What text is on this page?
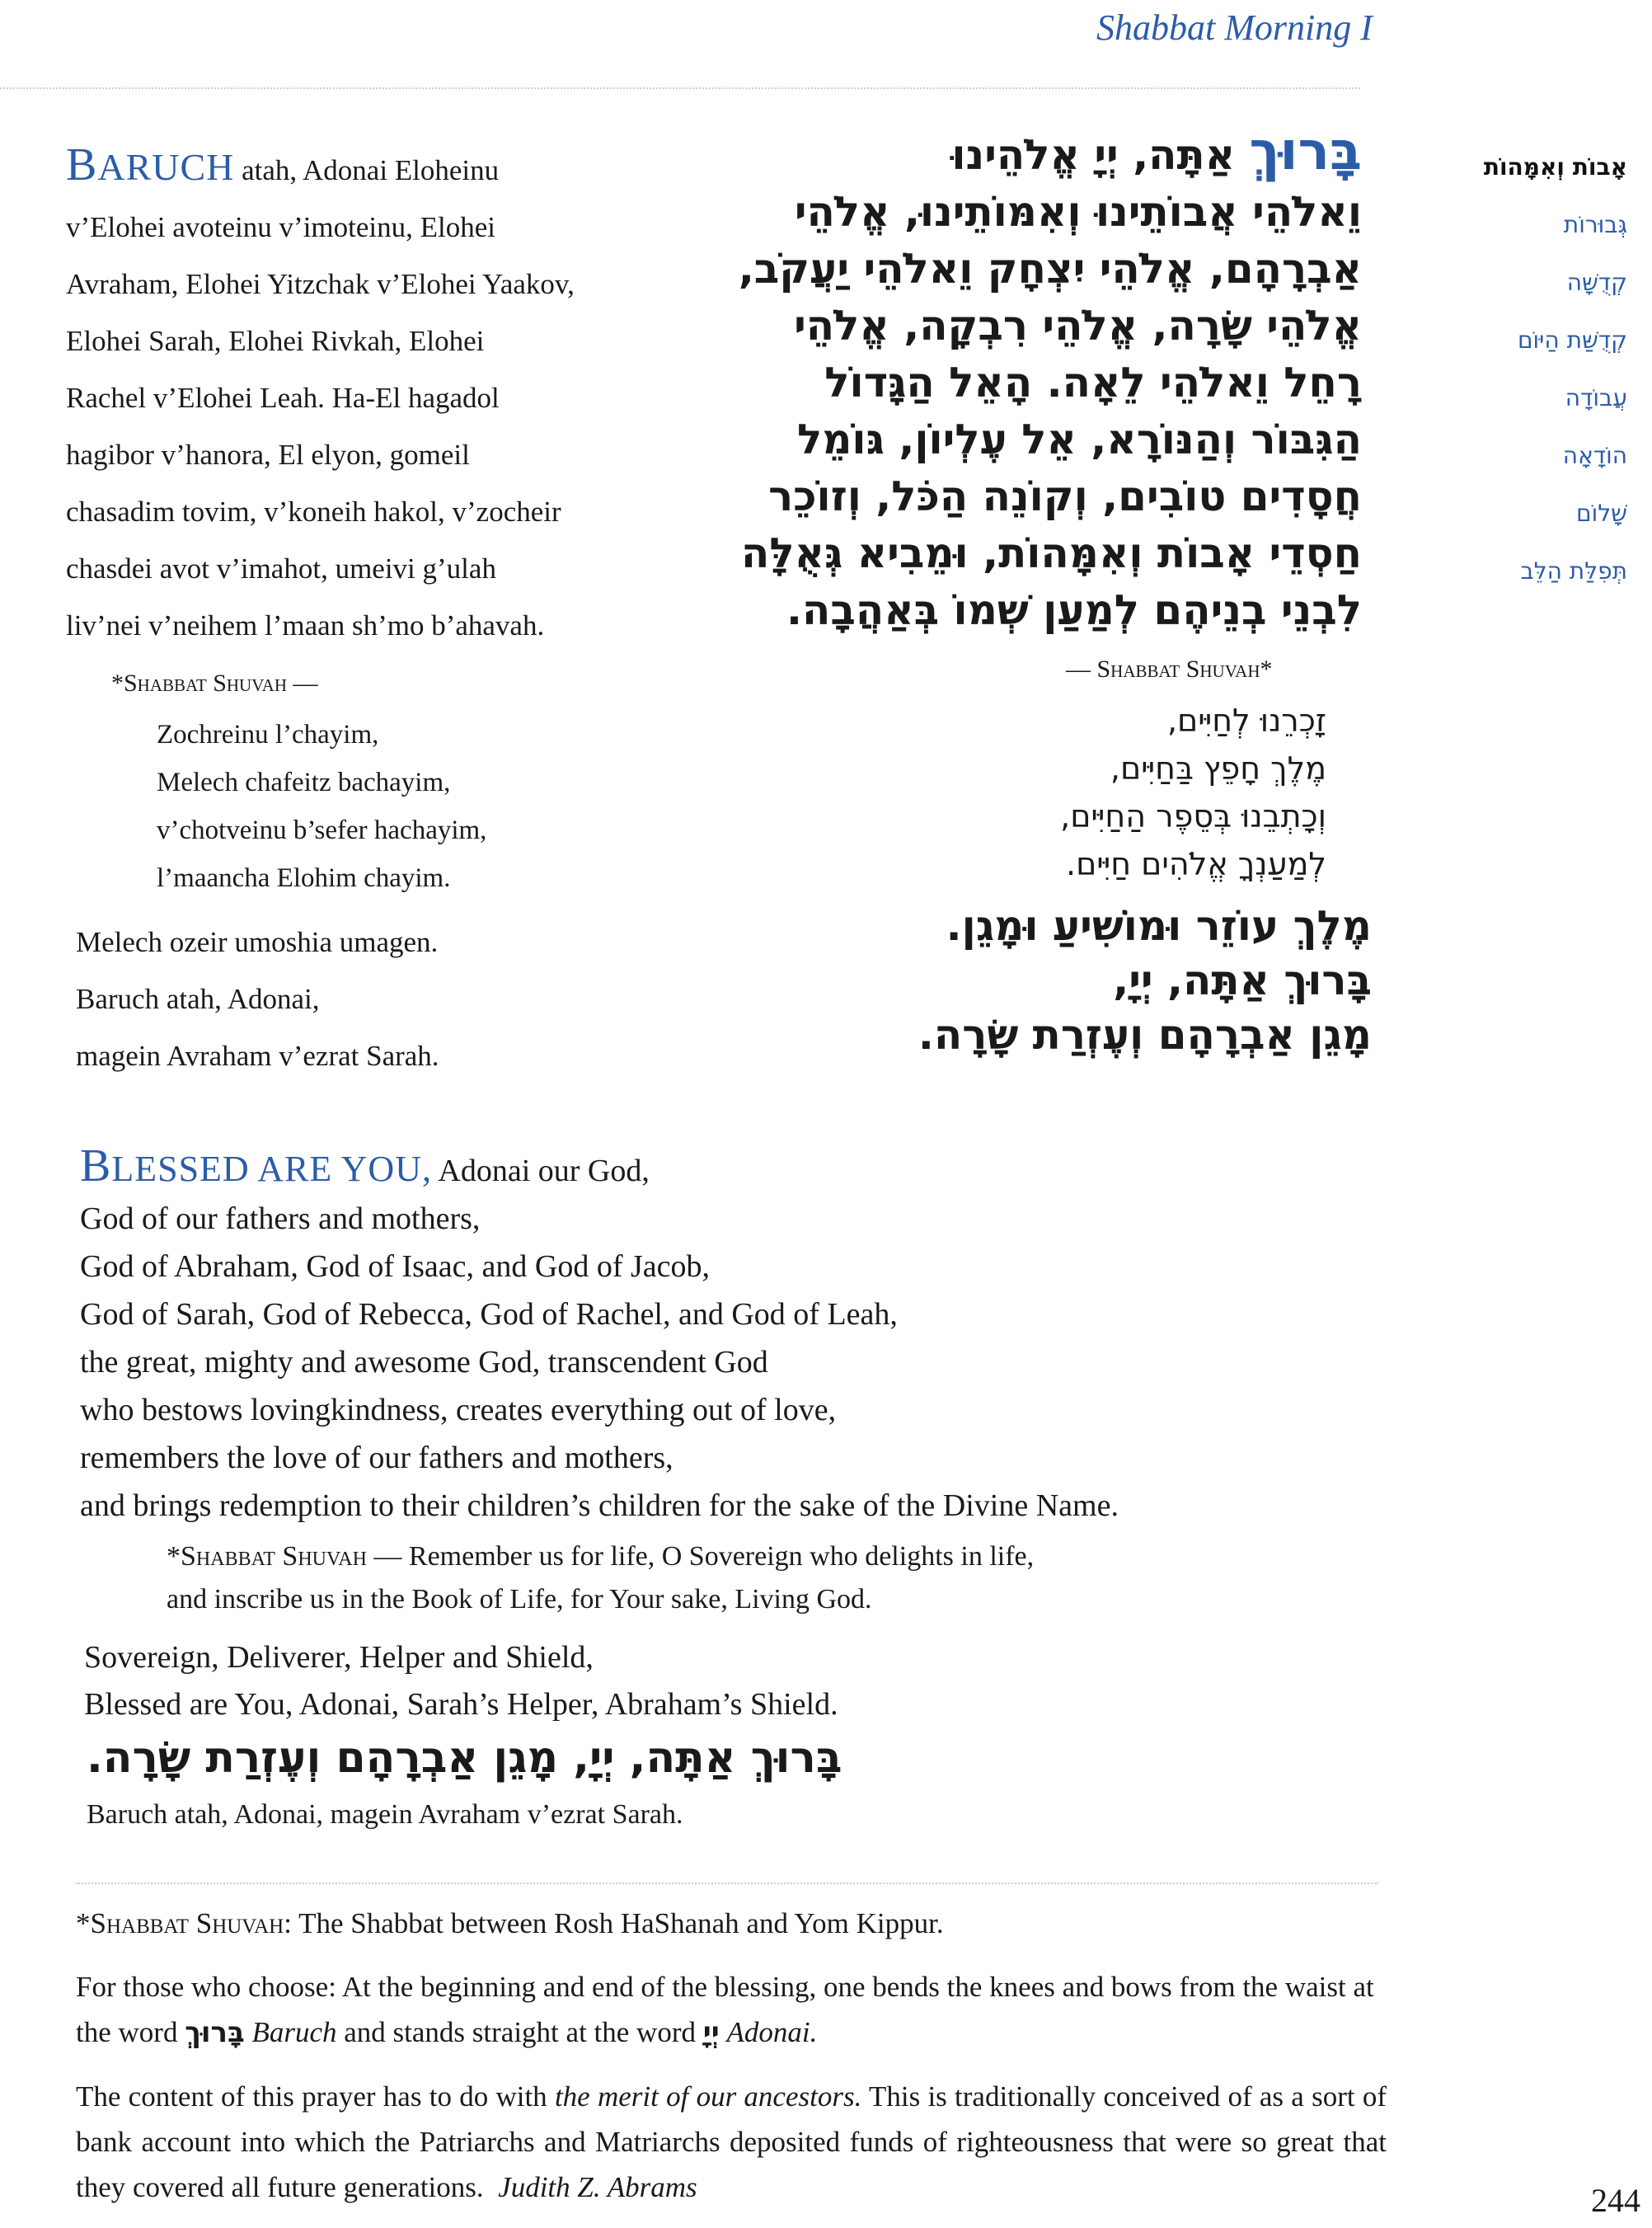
Shabbat Morning I
אָבוֹת וְאִמָּהוֹת
גְּבוּרוֹת
קְדֻשָּׁה
קְדֻשַּׁת הַיּוֹם
עֲבוֹדָה
הוֹדָאָה
שָׁלוֹם
תְּפִלַּת הַלֵּב
BARUCH atah, Adonai Eloheinu
v’Elohei avoteinu v’imoteinu, Elohei
Avraham, Elohei Yitzchak v’Elohei Yaakov,
Elohei Sarah, Elohei Rivkah, Elohei
Rachel v’Elohei Leah. Ha-El hagadol
hagibor v’hanora, El elyon, gomeil
chasadim tovim, v’koneih hakol, v’zocheir
chasdei avot v’imahot, umeivi g’ulah
liv’nei v’neihem l’maan sh’mo b’ahavah.
*Shabbat Shuvah —
Zochreinu l’chayim,
Melech chafeitz bachayim,
v’chotveinu b’sefer hachayim,
l’maancha Elohim chayim.
Melech ozeir umoshia umagen.
Baruch atah, Adonai,
magein Avraham v’ezrat Sarah.
בָּרוּךְ אַתָּה, יְיָ אֱלֹהֵינוּ
וֵאלֹהֵי אֲבוֹתֵינוּ וְאִמּוֹתֵינוּ, אֱלֹהֵי
אַבְרָהָם, אֱלֹהֵי יִצְחָק וֵאלֹהֵי יַעֲקֹב,
אֱלֹהֵי שָׂרָה, אֱלֹהֵי רִבְקָה, אֱלֹהֵי
רָחֵל וֵאלֹהֵי לֵאָה. הָאֵל הַגָּדוֹל
הַגִּבּוֹר וְהַנּוֹרָא, אֵל עֶלְיוֹן, גּוֹמֵל
חֲסָדִים טוֹבִים, וְקוֹנֵה הַכֹּל, וְזוֹכֵר
חַסְדֵי אָבוֹת וְאִמָּהוֹת, וּמֵבִיא גְּאֻלָּה
לִבְנֵי בְנֵיהֶם לְמַעַן שְׁמוֹ בְּאַהֲבָה.
— Shabbat Shuvah*
זָכְרֵנוּ לְחַיִּים,
מֶלֶךְ חָפֵץ בַּחַיִּים,
וְכָתְבֵנוּ בְּסֵפֶר הַחַיִּים,
לְמַעַנְךָ אֱלֹהִים חַיִּים.
מֶלֶךְ עוֹזֵר וּמוֹשִׁיעַ וּמָגֵן.
בָּרוּךְ אַתָּה, יְיָ,
מָגֵן אַבְרָהָם וְעֶזְרַת שָׂרָה.
BLESSED ARE YOU, Adonai our God,
God of our fathers and mothers,
God of Abraham, God of Isaac, and God of Jacob,
God of Sarah, God of Rebecca, God of Rachel, and God of Leah,
the great, mighty and awesome God, transcendent God
who bestows lovingkindness, creates everything out of love,
remembers the love of our fathers and mothers,
and brings redemption to their children’s children for the sake of the Divine Name.
*Shabbat Shuvah — Remember us for life, O Sovereign who delights in life,
and inscribe us in the Book of Life, for Your sake, Living God.
Sovereign, Deliverer, Helper and Shield,
Blessed are You, Adonai, Sarah’s Helper, Abraham’s Shield.
בָּרוּךְ אַתָּה, יְיָ, מָגֵן אַבְרָהָם וְעֶזְרַת שָׂרָה.
Baruch atah, Adonai, magein Avraham v’ezrat Sarah.

*Shabbat Shuvah: The Shabbat between Rosh HaShanah and Yom Kippur.

For those who choose: At the beginning and end of the blessing, one bends the knees and bows from the waist at the word בָּרוּךְ Baruch and stands straight at the word יְיָ Adonai.

The content of this prayer has to do with the merit of our ancestors. This is traditionally conceived of as a sort of bank account into which the Patriarchs and Matriarchs deposited funds of righteousness that were so great that they covered all future generations. Judith Z. Abrams	244
